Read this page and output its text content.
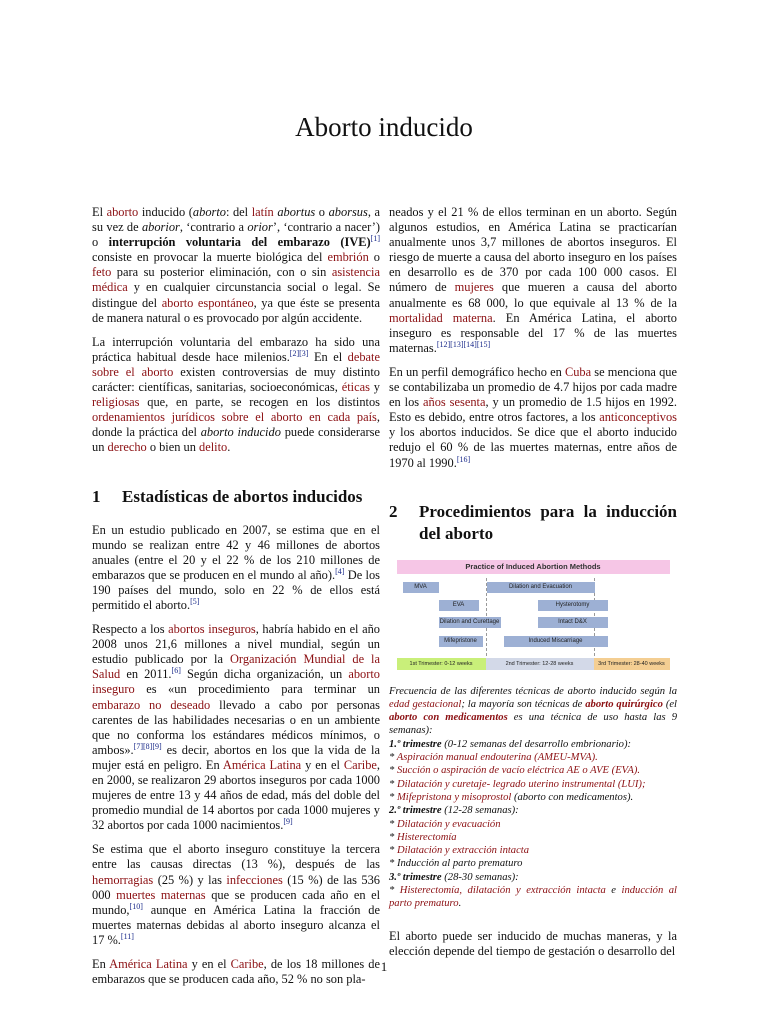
Aborto inducido

El aborto inducido (aborto: del latín abortus o aborsus, a su vez de aborior, ‘contrario a orior’, ‘contrario a nacer’) o interrupción voluntaria del embarazo (IVE)[1] consiste en provocar la muerte biológica del embrión o feto para su posterior eliminación, con o sin asistencia médica y en cualquier circunstancia social o legal. Se distingue del aborto espontáneo, ya que éste se presenta de manera natural o es provocado por algún accidente.

La interrupción voluntaria del embarazo ha sido una práctica habitual desde hace milenios.[2][3] En el debate sobre el aborto existen controversias de muy distinto carácter: científicas, sanitarias, socioeconómicas, éticas y religiosas que, en parte, se recogen en los distintos ordenamientos jurídicos sobre el aborto en cada país, donde la práctica del aborto inducido puede considerarse un derecho o bien un delito.

1	Estadísticas de abortos inducidos

En un estudio publicado en 2007, se estima que en el mundo se realizan entre 42 y 46 millones de abortos anuales (entre el 20 y el 22 % de los 210 millones de embarazos que se producen en el mundo al año).[4] De los 190 países del mundo, solo en 22 % de ellos está permitido el aborto.[5]

Respecto a los abortos inseguros, habría habido en el año 2008 unos 21,6 millones a nivel mundial, según un estudio publicado por la Organización Mundial de la Salud en 2011.[6] Según dicha organización, un aborto inseguro es «un procedimiento para terminar un embarazo no deseado llevado a cabo por personas carentes de las habilidades necesarias o en un ambiente que no conforma los estándares médicos mínimos, o ambos».[7][8][9] es decir, abortos en los que la vida de la mujer está en peligro. En América Latina y en el Caribe, en 2000, se realizaron 29 abortos inseguros por cada 1000 mujeres de entre 13 y 44 años de edad, más del doble del promedio mundial de 14 abortos por cada 1000 mujeres y 32 abortos por cada 1000 nacimientos.[9]

Se estima que el aborto inseguro constituye la tercera entre las causas directas (13 %), después de las hemorragias (25 %) y las infecciones (15 %) de las 536 000 muertes maternas que se producen cada año en el mundo,[10] aunque en América Latina la fracción de muertes maternas debidas al aborto inseguro alcanza el 17 %.[11]

En América Latina y en el Caribe, de los 18 millones de embarazos que se producen cada año, 52 % no son pla-

neados y el 21 % de ellos terminan en un aborto. Según algunos estudios, en América Latina se practicarían anualmente unos 3,7 millones de abortos inseguros. El riesgo de muerte a causa del aborto inseguro en los países en desarrollo es de 370 por cada 100 000 casos. El número de mujeres que mueren a causa del aborto anualmente es 68 000, lo que equivale al 13 % de la mortalidad materna. En América Latina, el aborto inseguro es responsable del 17 % de las muertes maternas.[12][13][14][15]

En un perfil demográfico hecho en Cuba se menciona que se contabilizaba un promedio de 4.7 hijos por cada madre en los años sesenta, y un promedio de 1.5 hijos en 1992. Esto es debido, entre otros factores, a los anticonceptivos y los abortos inducidos. Se dice que el aborto inducido redujo el 60 % de las muertes maternas, entre años de 1970 al 1990.[16]

2	Procedimientos para la inducción del aborto
Practice of Induced Abortion Methods
MVA
EVA
Dilation and Curettage
Mifepristone
Dilation and Evacuation
Hysterotomy
Intact D&X
Induced Miscarriage
1st Trimester: 0-12 weeks	2nd Trimester: 12-28 weeks	3rd Trimester: 28-40 weeks
Frecuencia de las diferentes técnicas de aborto inducido según la edad gestacional; la mayoría son técnicas de aborto quirúrgico (el aborto con medicamentos es una técnica de uso hasta las 9 semanas):
1.º trimestre (0-12 semanas del desarrollo embrionario):
* Aspiración manual endouterina (AMEU-MVA).
* Succión o aspiración de vacío eléctrica AE o AVE (EVA).
* Dilatación y curetaje- legrado uterino instrumental (LUI);
* Mifepristona y misoprostol (aborto con medicamentos).
2.º trimestre (12-28 semanas):
* Dilatación y evacuación
* Histerectomía
* Dilatación y extracción intacta
* Inducción al parto prematuro
3.º trimestre (28-30 semanas):
* Histerectomía, dilatación y extracción intacta e inducción al parto prematuro.

El aborto puede ser inducido de muchas maneras, y la elección depende del tiempo de gestación o desarrollo del

1
